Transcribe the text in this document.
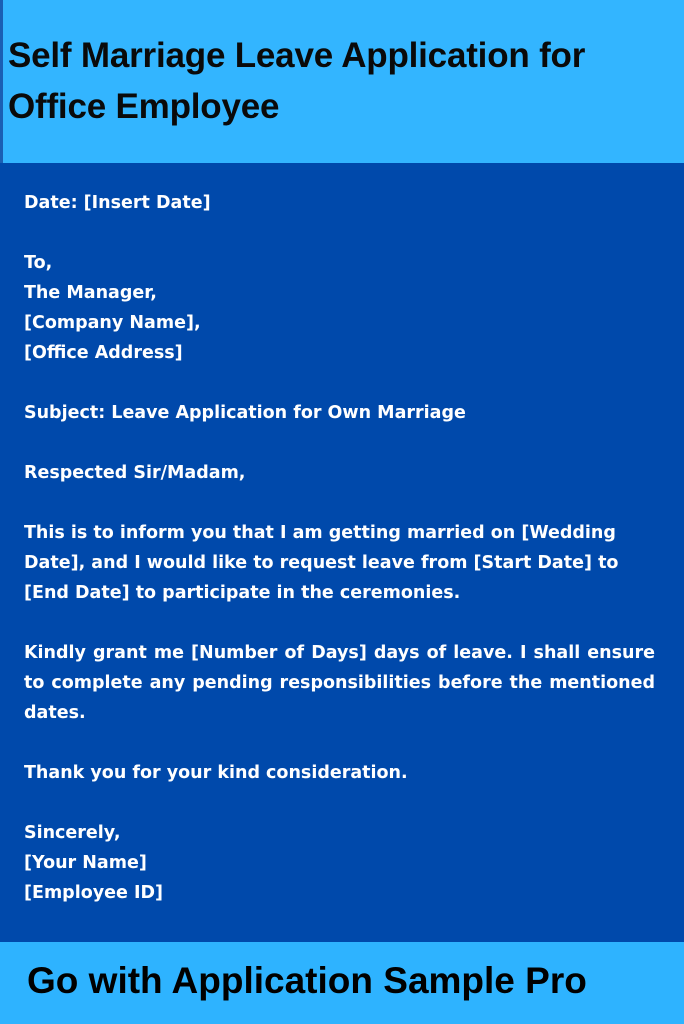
Self Marriage Leave Application for Office Employee

Date: [Insert Date]

To,
The Manager,
[Company Name],
[Office Address]

Subject: Leave Application for Own Marriage

Respected Sir/Madam,

This is to inform you that I am getting married on [Wedding Date], and I would like to request leave from [Start Date] to [End Date] to participate in the ceremonies.

Kindly grant me [Number of Days] days of leave. I shall ensure to complete any pending responsibilities before the mentioned dates.

Thank you for your kind consideration.

Sincerely,
[Your Name]
[Employee ID]

Go with Application Sample Pro
